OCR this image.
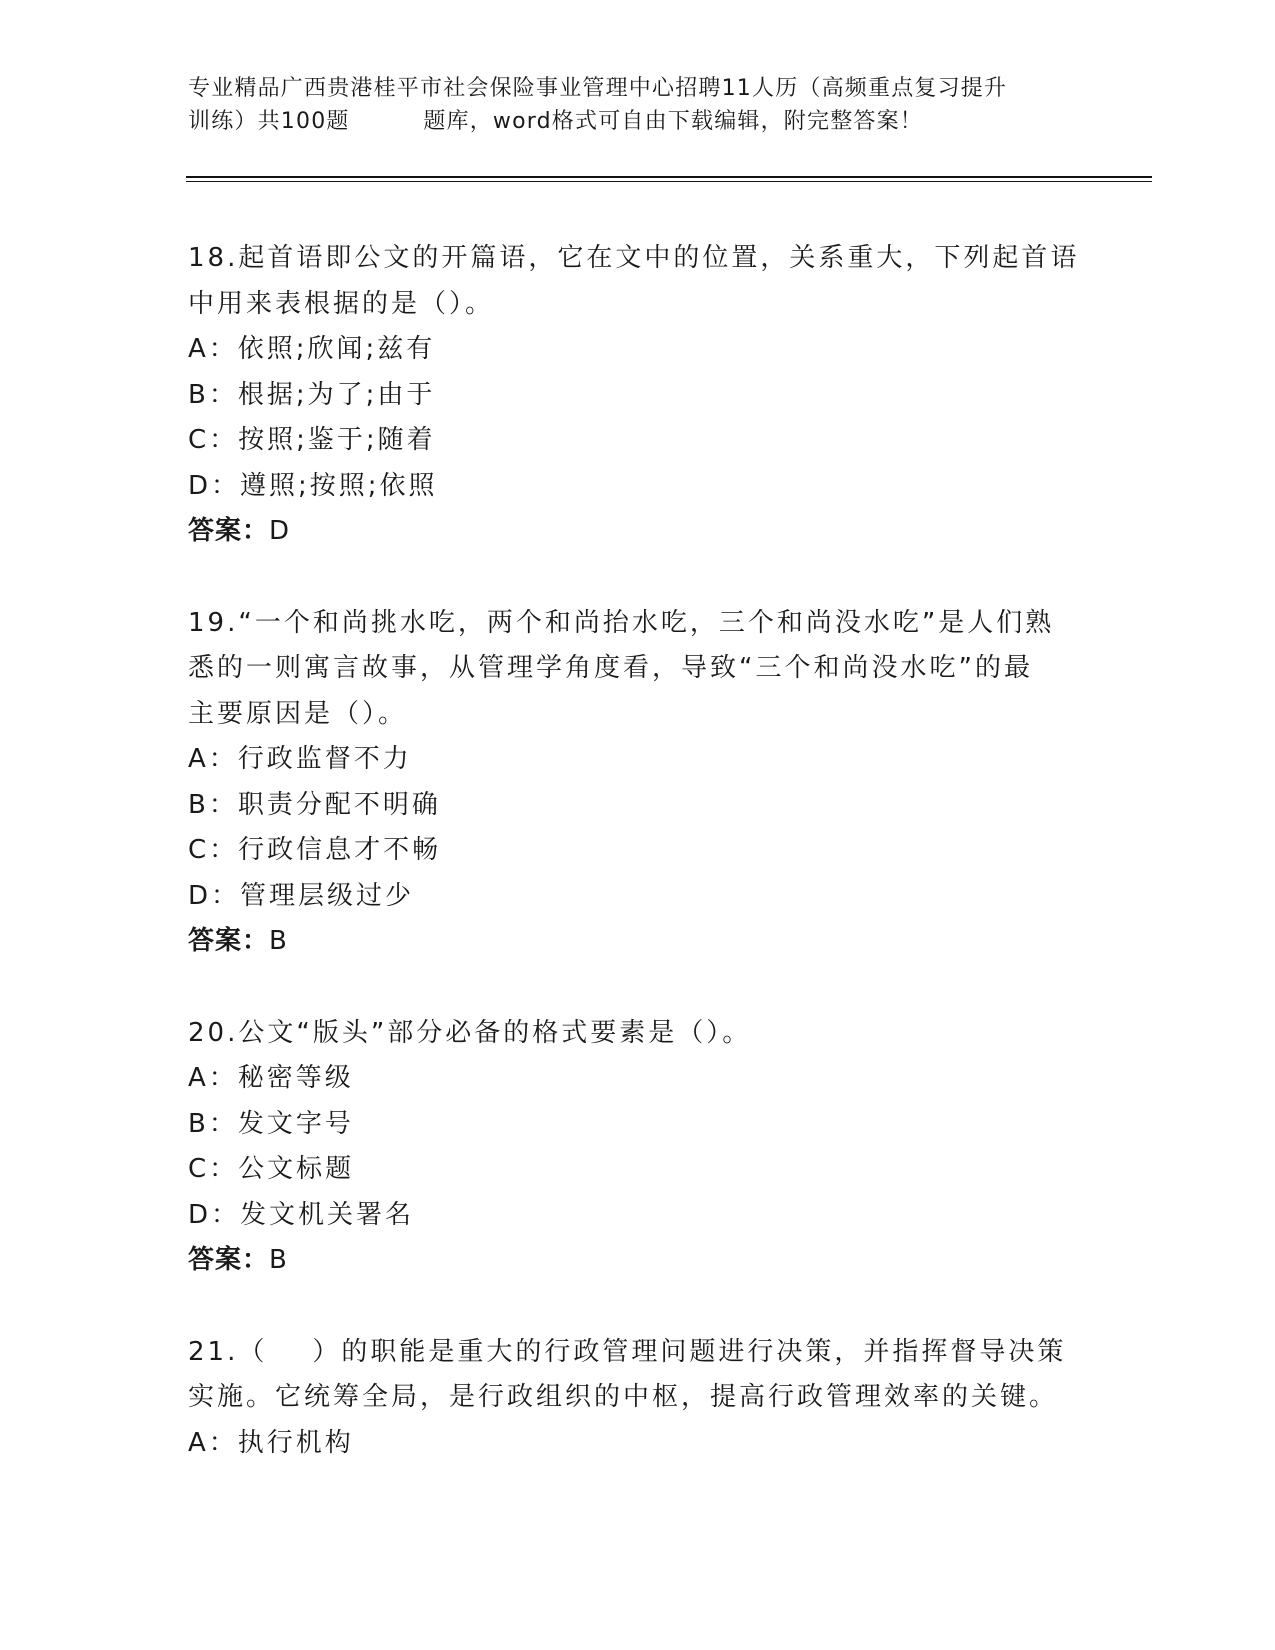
专业精品广西贵港桂平市社会保险事业管理中心招聘11人历（高频重点复习提升
训练）共100题         题库，word格式可自由下载编辑，附完整答案！
18.起首语即公文的开篇语，它在文中的位置，关系重大，下列起首语
中用来表根据的是（）。
A：依照;欣闻;兹有
B：根据;为了;由于
C：按照;鉴于;随着
D：遵照;按照;依照
答案：D
19.“一个和尚挑水吃，两个和尚抬水吃，三个和尚没水吃”是人们熟
悉的一则寓言故事，从管理学角度看，导致“三个和尚没水吃”的最
主要原因是（）。
A：行政监督不力
B：职责分配不明确
C：行政信息才不畅
D：管理层级过少
答案：B
20.公文“版头”部分必备的格式要素是（）。
A：秘密等级
B：发文字号
C：公文标题
D：发文机关署名
答案：B
21.（    ）的职能是重大的行政管理问题进行决策，并指挥督导决策
实施。它统筹全局，是行政组织的中枢，提高行政管理效率的关键。
A：执行机构
